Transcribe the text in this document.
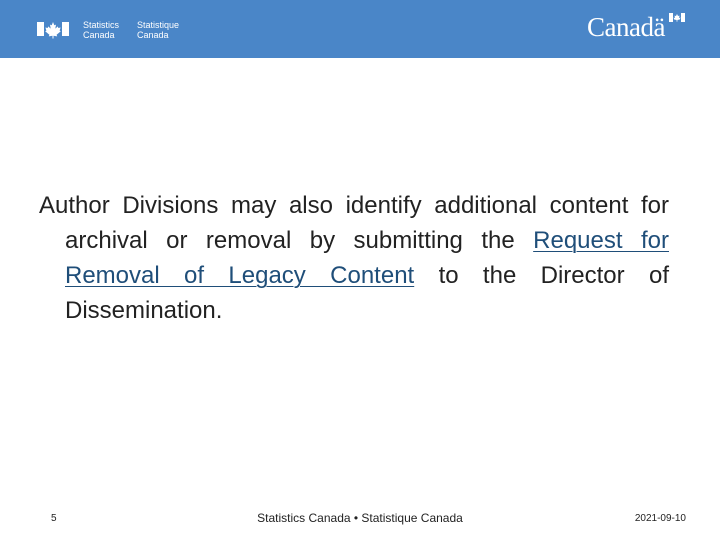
Statistics
Canada
Statistique
Canada	Canadä

Author Divisions may also identify additional content for archival or removal by submitting the Request for Removal of Legacy Content to the Director of Dissemination.

5	Statistics Canada • Statistique Canada	2021-09-10
